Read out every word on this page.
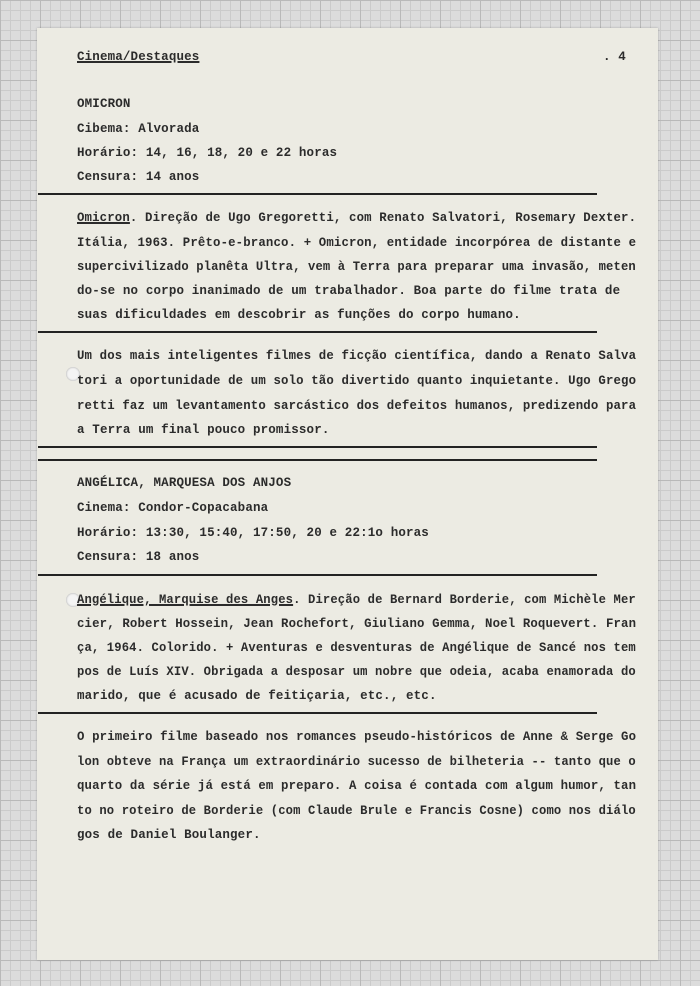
Cinema/Destaques	. 4
OMICRON
Cibema: Alvorada
Horário: 14, 16, 18, 20 e 22 horas
Censura: 14 anos
Omicron. Direção de Ugo Gregoretti, com Renato Salvatori, Rosemary Dexter.
Itália, 1963. Prêto-e-branco. + Omicron, entidade incorpórea de distante e
supercivilizado planêta Ultra, vem à Terra para preparar uma invasão, meten
do-se no corpo inanimado de um trabalhador. Boa parte do filme trata de
suas dificuldades em descobrir as funções do corpo humano.
Um dos mais inteligentes filmes de ficção científica, dando a Renato Salva
tori a oportunidade de um solo tão divertido quanto inquietante. Ugo Grego
retti faz um levantamento sarcástico dos defeitos humanos, predizendo para
a Terra um final pouco promissor.
ANGÉLICA, MARQUESA DOS ANJOS
Cinema: Condor-Copacabana
Horário: 13:30, 15:40, 17:50, 20 e 22:1o horas
Censura: 18 anos
Angélique, Marquise des Anges. Direção de Bernard Borderie, com Michèle Mer
cier, Robert Hossein, Jean Rochefort, Giuliano Gemma, Noel Roquevert. Fran
ça, 1964. Colorido. + Aventuras e desventuras de Angélique de Sancé nos tem
pos de Luís XIV. Obrigada a desposar um nobre que odeia, acaba enamorada do
marido, que é acusado de feitiçaria, etc., etc.
O primeiro filme baseado nos romances pseudo-históricos de Anne & Serge Go
lon obteve na França um extraordinário sucesso de bilheteria -- tanto que o
quarto da série já está em preparo. A coisa é contada com algum humor, tan
to no roteiro de Borderie (com Claude Brule e Francis Cosne) como nos diálo
gos de Daniel Boulanger.
